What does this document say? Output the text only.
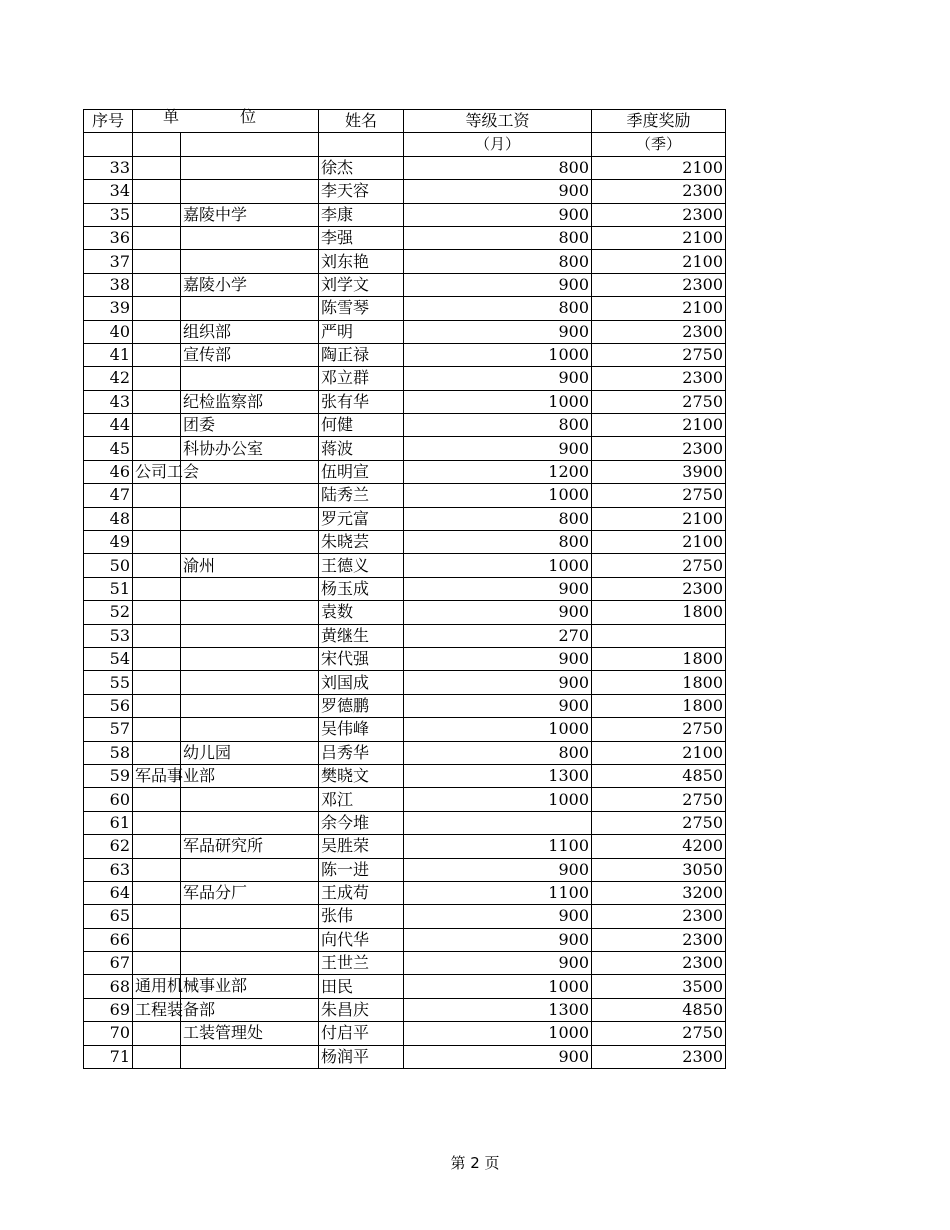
序号	单 位		姓名	等级工资	季度奖励
				（月）	（季）
33			徐杰	800	2100
34			李天容	900	2300
35		嘉陵中学	李康	900	2300
36			李强	800	2100
37			刘东艳	800	2100
38		嘉陵小学	刘学文	900	2300
39			陈雪琴	800	2100
40		组织部	严明	900	2300
41		宣传部	陶正禄	1000	2750
42			邓立群	900	2300
43		纪检监察部	张有华	1000	2750
44		团委	何健	800	2100
45		科协办公室	蒋波	900	2300
46	公司工会		伍明宣	1200	3900
47			陆秀兰	1000	2750
48			罗元富	800	2100
49			朱晓芸	800	2100
50		渝州	王德义	1000	2750
51			杨玉成	900	2300
52			袁数	900	1800
53			黄继生	270	
54			宋代强	900	1800
55			刘国成	900	1800
56			罗德鹏	900	1800
57			吴伟峰	1000	2750
58		幼儿园	吕秀华	800	2100
59	军品事业部		樊晓文	1300	4850
60			邓江	1000	2750
61			余今堆		2750
62		军品研究所	吴胜荣	1100	4200
63			陈一进	900	3050
64		军品分厂	王成苟	1100	3200
65			张伟	900	2300
66			向代华	900	2300
67			王世兰	900	2300
68	通用机械事业部		田民	1000	3500
69	工程装备部		朱昌庆	1300	4850
70		工装管理处	付启平	1000	2750
71			杨润平	900	2300
第 2 页
